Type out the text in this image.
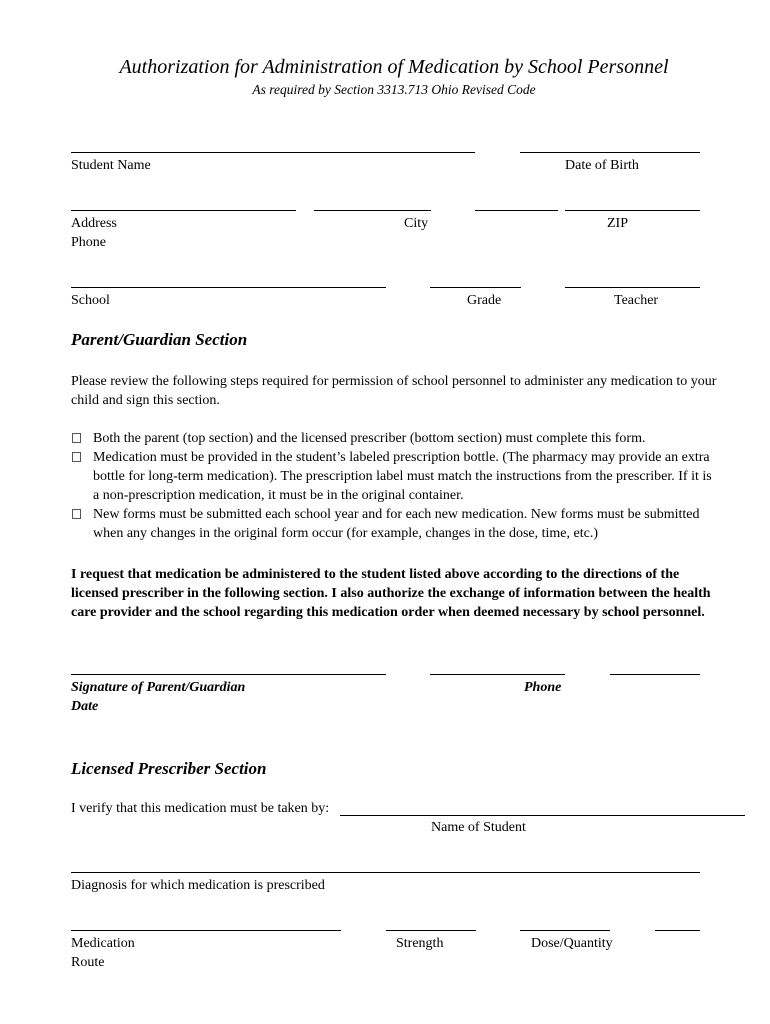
Authorization for Administration of Medication by School Personnel
As required by Section 3313.713 Ohio Revised Code
Student Name	Date of Birth
Address	City	ZIP
Phone
School	Grade	Teacher
Parent/Guardian Section
Please review the following steps required for permission of school personnel to administer any medication to your child and sign this section.
Both the parent (top section) and the licensed prescriber (bottom section) must complete this form.
Medication must be provided in the student’s labeled prescription bottle. (The pharmacy may provide an extra bottle for long-term medication). The prescription label must match the instructions from the prescriber. If it is a non-prescription medication, it must be in the original container.
New forms must be submitted each school year and for each new medication. New forms must be submitted when any changes in the original form occur (for example, changes in the dose, time, etc.)
I request that medication be administered to the student listed above according to the directions of the licensed prescriber in the following section. I also authorize the exchange of information between the health care provider and the school regarding this medication order when deemed necessary by school personnel.
Signature of Parent/Guardian	Phone
Date
Licensed Prescriber Section
I verify that this medication must be taken by:
Name of Student
Diagnosis for which medication is prescribed
Medication	Strength	Dose/Quantity
Route
